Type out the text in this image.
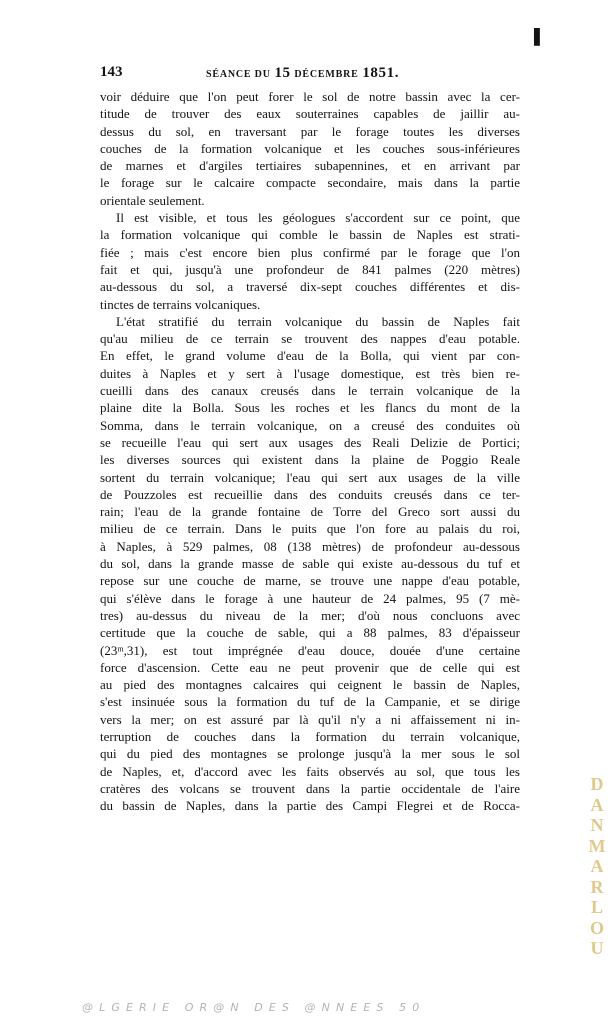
▌
143	SÉANCE DU 15 DÉCEMBRE 1851.
voir déduire que l'on peut forer le sol de notre bassin avec la cer-
titude de trouver des eaux souterraines capables de jaillir au-
dessus du sol, en traversant par le forage toutes les diverses
couches de la formation volcanique et les couches sous-inférieures
de marnes et d'argiles tertiaires subapennines, et en arrivant par
le forage sur le calcaire compacte secondaire, mais dans la partie
orientale seulement.
Il est visible, et tous les géologues s'accordent sur ce point, que
la formation volcanique qui comble le bassin de Naples est strati-
fiée ; mais c'est encore bien plus confirmé par le forage que l'on
fait et qui, jusqu'à une profondeur de 841 palmes (220 mètres)
au-dessous du sol, a traversé dix-sept couches différentes et dis-
tinctes de terrains volcaniques.
L'état stratifié du terrain volcanique du bassin de Naples fait
qu'au milieu de ce terrain se trouvent des nappes d'eau potable.
En effet, le grand volume d'eau de la Bolla, qui vient par con-
duites à Naples et y sert à l'usage domestique, est très bien re-
cueilli dans des canaux creusés dans le terrain volcanique de la
plaine dite la Bolla. Sous les roches et les flancs du mont de la
Somma, dans le terrain volcanique, on a creusé des conduites où
se recueille l'eau qui sert aux usages des Reali Delizie de Portici;
les diverses sources qui existent dans la plaine de Poggio Reale
sortent du terrain volcanique; l'eau qui sert aux usages de la ville
de Pouzzoles est recueillie dans des conduits creusés dans ce ter-
rain; l'eau de la grande fontaine de Torre del Greco sort aussi du
milieu de ce terrain. Dans le puits que l'on fore au palais du roi,
à Naples, à 529 palmes, 08 (138 mètres) de profondeur au-dessous
du sol, dans la grande masse de sable qui existe au-dessous du tuf et
repose sur une couche de marne, se trouve une nappe d'eau potable,
qui s'élève dans le forage à une hauteur de 24 palmes, 95 (7 mè-
tres) au-dessus du niveau de la mer; d'où nous concluons avec
certitude que la couche de sable, qui a 88 palmes, 83 d'épaisseur
(23ᵐ,31), est tout imprégnée d'eau douce, douée d'une certaine
force d'ascension. Cette eau ne peut provenir que de celle qui est
au pied des montagnes calcaires qui ceignent le bassin de Naples,
s'est insinuée sous la formation du tuf de la Campanie, et se dirige
vers la mer; on est assuré par là qu'il n'y a ni affaissement ni in-
terruption de couches dans la formation du terrain volcanique,
qui du pied des montagnes se prolonge jusqu'à la mer sous le sol
de Naples, et, d'accord avec les faits observés au sol, que tous les
cratères des volcans se trouvent dans la partie occidentale de l'aire
du bassin de Naples, dans la partie des Campi Flegrei et de Rocca-
D
A
N
M
A
R
L
O
U
@LGERIE OR@N DES @NNEES 50
